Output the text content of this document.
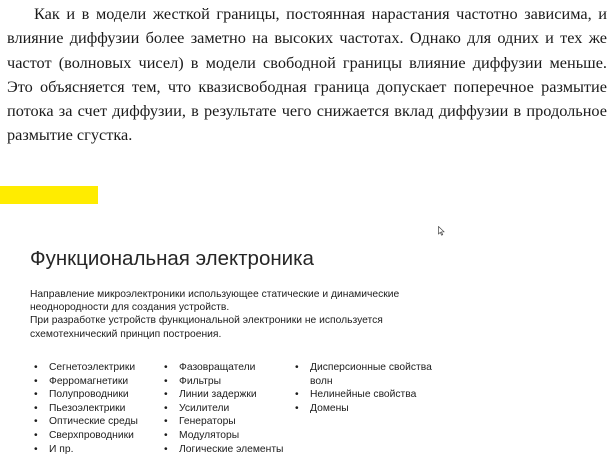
Как и в модели жесткой границы, постоянная нарастания частотно зависима, и влияние диффузии более заметно на высоких частотах. Однако для одних и тех же частот (волновых чисел) в модели свободной границы влияние диффузии меньше. Это объясняется тем, что квазисвободная граница допускает поперечное размытие потока за счет диффузии, в результате чего снижается вклад диффузии в продольное размытие сгустка.
Функциональная электроника

Направление микроэлектроники использующее статические и динамические неоднородности для создания устройств.

При разработке устройств функциональной электроники не используется схемотехнический принцип построения.

• Сегнетоэлектрики
• Ферромагнетики
• Полупроводники
• Пьезоэлектрики
• Оптические среды
• Сверхпроводники
• И пр.
• Фазовращатели
• Фильтры
• Линии задержки
• Усилители
• Генераторы
• Модуляторы
• Логические элементы
• Дисперсионные свойства волн
• Нелинейные свойства
• Домены
